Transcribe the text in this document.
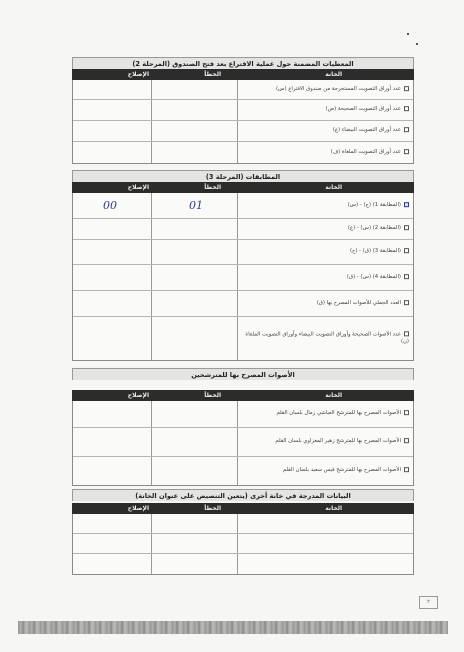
المعطيات المضمنة حول عملية الاقتراع بعد فتح الصندوق (المرحلة 2)
الخانة
الخطأ
الإصلاح
عدد أوراق التصويت المستخرجة من صندوق الاقتراع (س)
عدد أوراق التصويت الصحيحة (ص)
عدد أوراق التصويت البيضاء (ع)
عدد أوراق التصويت الملغاة (ف)
المطابقات (المرحلة 3)
الخانة
الخطأ
الإصلاح
00	01	(المطابقة 1) (ج) - (س)
(المطابقة 2) (س) - (ع)
(المطابقة 3) (ق) - (ج)
(المطابقة 4) (س) - (ق)
العدد الجملي للأصوات المصرح بها (ق)
عدد الأصوات الصحيحة وأوراق التصويت البيضاء وأوراق التصويت الملغاة (ن)
الأصوات المصرح بها للمترشحين
الخانة
الخطأ
الإصلاح
الأصوات المصرح بها للمترشح العياشي زمال بلسان القلم
الأصوات المصرح بها للمترشح زهير المغزاوي بلسان القلم
الأصوات المصرح بها للمترشح قيس سعيد بلسان القلم
البيانات المدرجة في خانة أخرى (يتعين التنصيص على عنوان الخانة)
الخانة
الخطأ
الإصلاح
٢
